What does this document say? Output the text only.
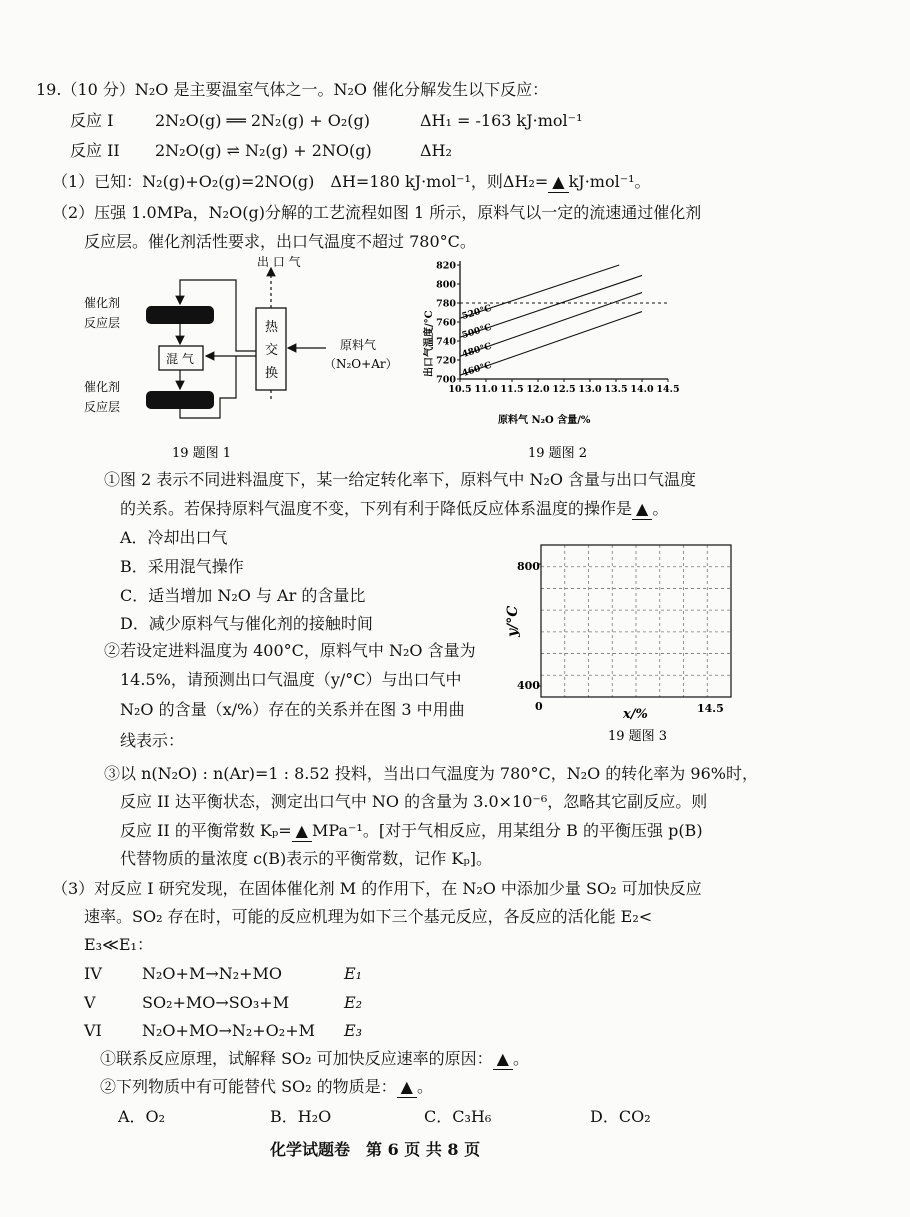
19.（10 分）N₂O 是主要温室气体之一。N₂O 催化分解发生以下反应：
反应 I	2N₂O(g) ══ 2N₂(g) + O₂(g)	ΔH₁ = -163 kJ·mol⁻¹
反应 II 2N₂O(g) ⇌ N₂(g) + 2NO(g)	ΔH₂
（1）已知：N₂(g)+O₂(g)=2NO(g)　ΔH=180 kJ·mol⁻¹，则ΔH₂= ▲ kJ·mol⁻¹。
（2）压强 1.0MPa，N₂O(g)分解的工艺流程如图 1 所示，原料气以一定的流速通过催化剂
反应层。催化剂活性要求，出口气温度不超过 780°C。
出 口 气
催化剂
反应层
催化剂
反应层
混 气
热
交
换
原料气
（N₂O+Ar）
19 题图 1
700
720
740
760
780
800
820
10.5 11.0 11.5 12.0 12.5 13.0 13.5 14.0 14.5
520°C
500°C
480°C
460°C
原料气 N₂O 含量/%
出口气温度/°C
19 题图 2
①图 2 表示不同进料温度下，某一给定转化率下，原料气中 N₂O 含量与出口气温度
的关系。若保持原料气温度不变，下列有利于降低反应体系温度的操作是 ▲ 。
A．冷却出口气
B．采用混气操作
C．适当增加 N₂O 与 Ar 的含量比
D．减少原料气与催化剂的接触时间
②若设定进料温度为 400°C，原料气中 N₂O 含量为
14.5%，请预测出口气温度（y/°C）与出口气中
N₂O 的含量（x/%）存在的关系并在图 3 中用曲
线表示：
800
400
0	14.5
y/°C
x/%
19 题图 3
③以 n(N₂O) : n(Ar)=1 : 8.52 投料，当出口气温度为 780°C，N₂O 的转化率为 96%时，
反应 II 达平衡状态，测定出口气中 NO 的含量为 3.0×10⁻⁶，忽略其它副反应。则
反应 II 的平衡常数 Kₚ= ▲ MPa⁻¹。[对于气相反应，用某组分 B 的平衡压强 p(B)
代替物质的量浓度 c(B)表示的平衡常数，记作 Kₚ]。
（3）对反应 I 研究发现，在固体催化剂 M 的作用下，在 N₂O 中添加少量 SO₂ 可加快反应
速率。SO₂ 存在时，可能的反应机理为如下三个基元反应，各反应的活化能 E₂<
E₃≪E₁：
IV	N₂O+M→N₂+MO	E₁
V	SO₂+MO→SO₃+M	E₂
VI	N₂O+MO→N₂+O₂+M E₃
①联系反应原理，试解释 SO₂ 可加快反应速率的原因： ▲ 。
②下列物质中有可能替代 SO₂ 的物质是： ▲ 。
A．O₂	B．H₂O	C．C₃H₆	D．CO₂
化学试题卷　第 6 页 共 8 页
